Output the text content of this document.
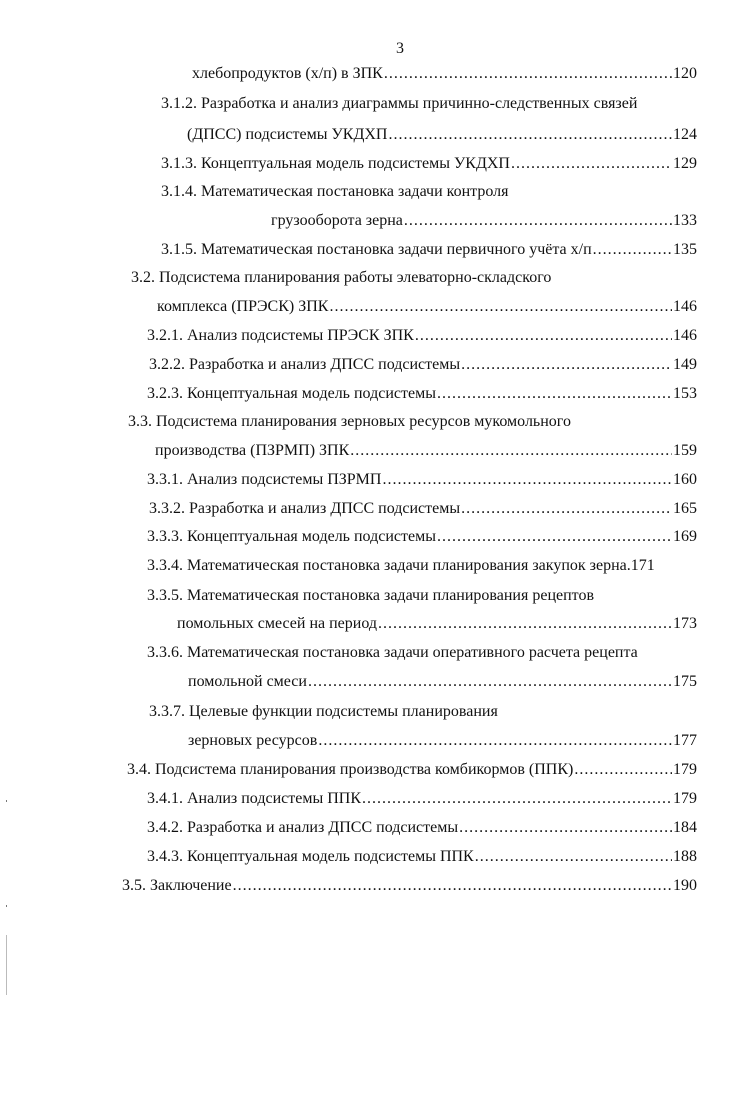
3
хлебопродуктов (х/п) в ЗПК .....	120
3.1.2. Разработка и анализ диаграммы причинно-следственных связей
(ДПСС) подсистемы УКДХП .....	124
3.1.3. Концептуальная модель подсистемы УКДХП .....	129
3.1.4. Математическая постановка задачи контроля
грузооборота зерна .....	133
3.1.5. Математическая постановка задачи первичного учёта х/п .....	135
3.2. Подсистема планирования работы элеваторно-складского
комплекса (ПРЭСК) ЗПК .....	146
3.2.1. Анализ подсистемы ПРЭСК ЗПК .....	146
3.2.2. Разработка и анализ ДПСС подсистемы .....	149
3.2.3. Концептуальная модель подсистемы .....	153
3.3. Подсистема планирования зерновых ресурсов мукомольного
производства (ПЗРМП) ЗПК .....	159
3.3.1. Анализ подсистемы ПЗРМП .....	160
3.3.2. Разработка и анализ ДПСС подсистемы .....	165
3.3.3. Концептуальная модель подсистемы .....	169
3.3.4. Математическая постановка задачи планирования закупок зерна.171
3.3.5. Математическая постановка задачи планирования рецептов
помольных смесей на период .....	173
3.3.6. Математическая постановка задачи оперативного расчета рецепта
помольной смеси .....	175
3.3.7. Целевые функции подсистемы планирования
зерновых ресурсов .....	177
3.4. Подсистема планирования производства комбикормов (ППК) .....	179
3.4.1. Анализ подсистемы ППК .....	179
3.4.2. Разработка и анализ ДПСС подсистемы .....	184
3.4.3. Концептуальная модель подсистемы ППК .....	188
3.5. Заключение .....	190
